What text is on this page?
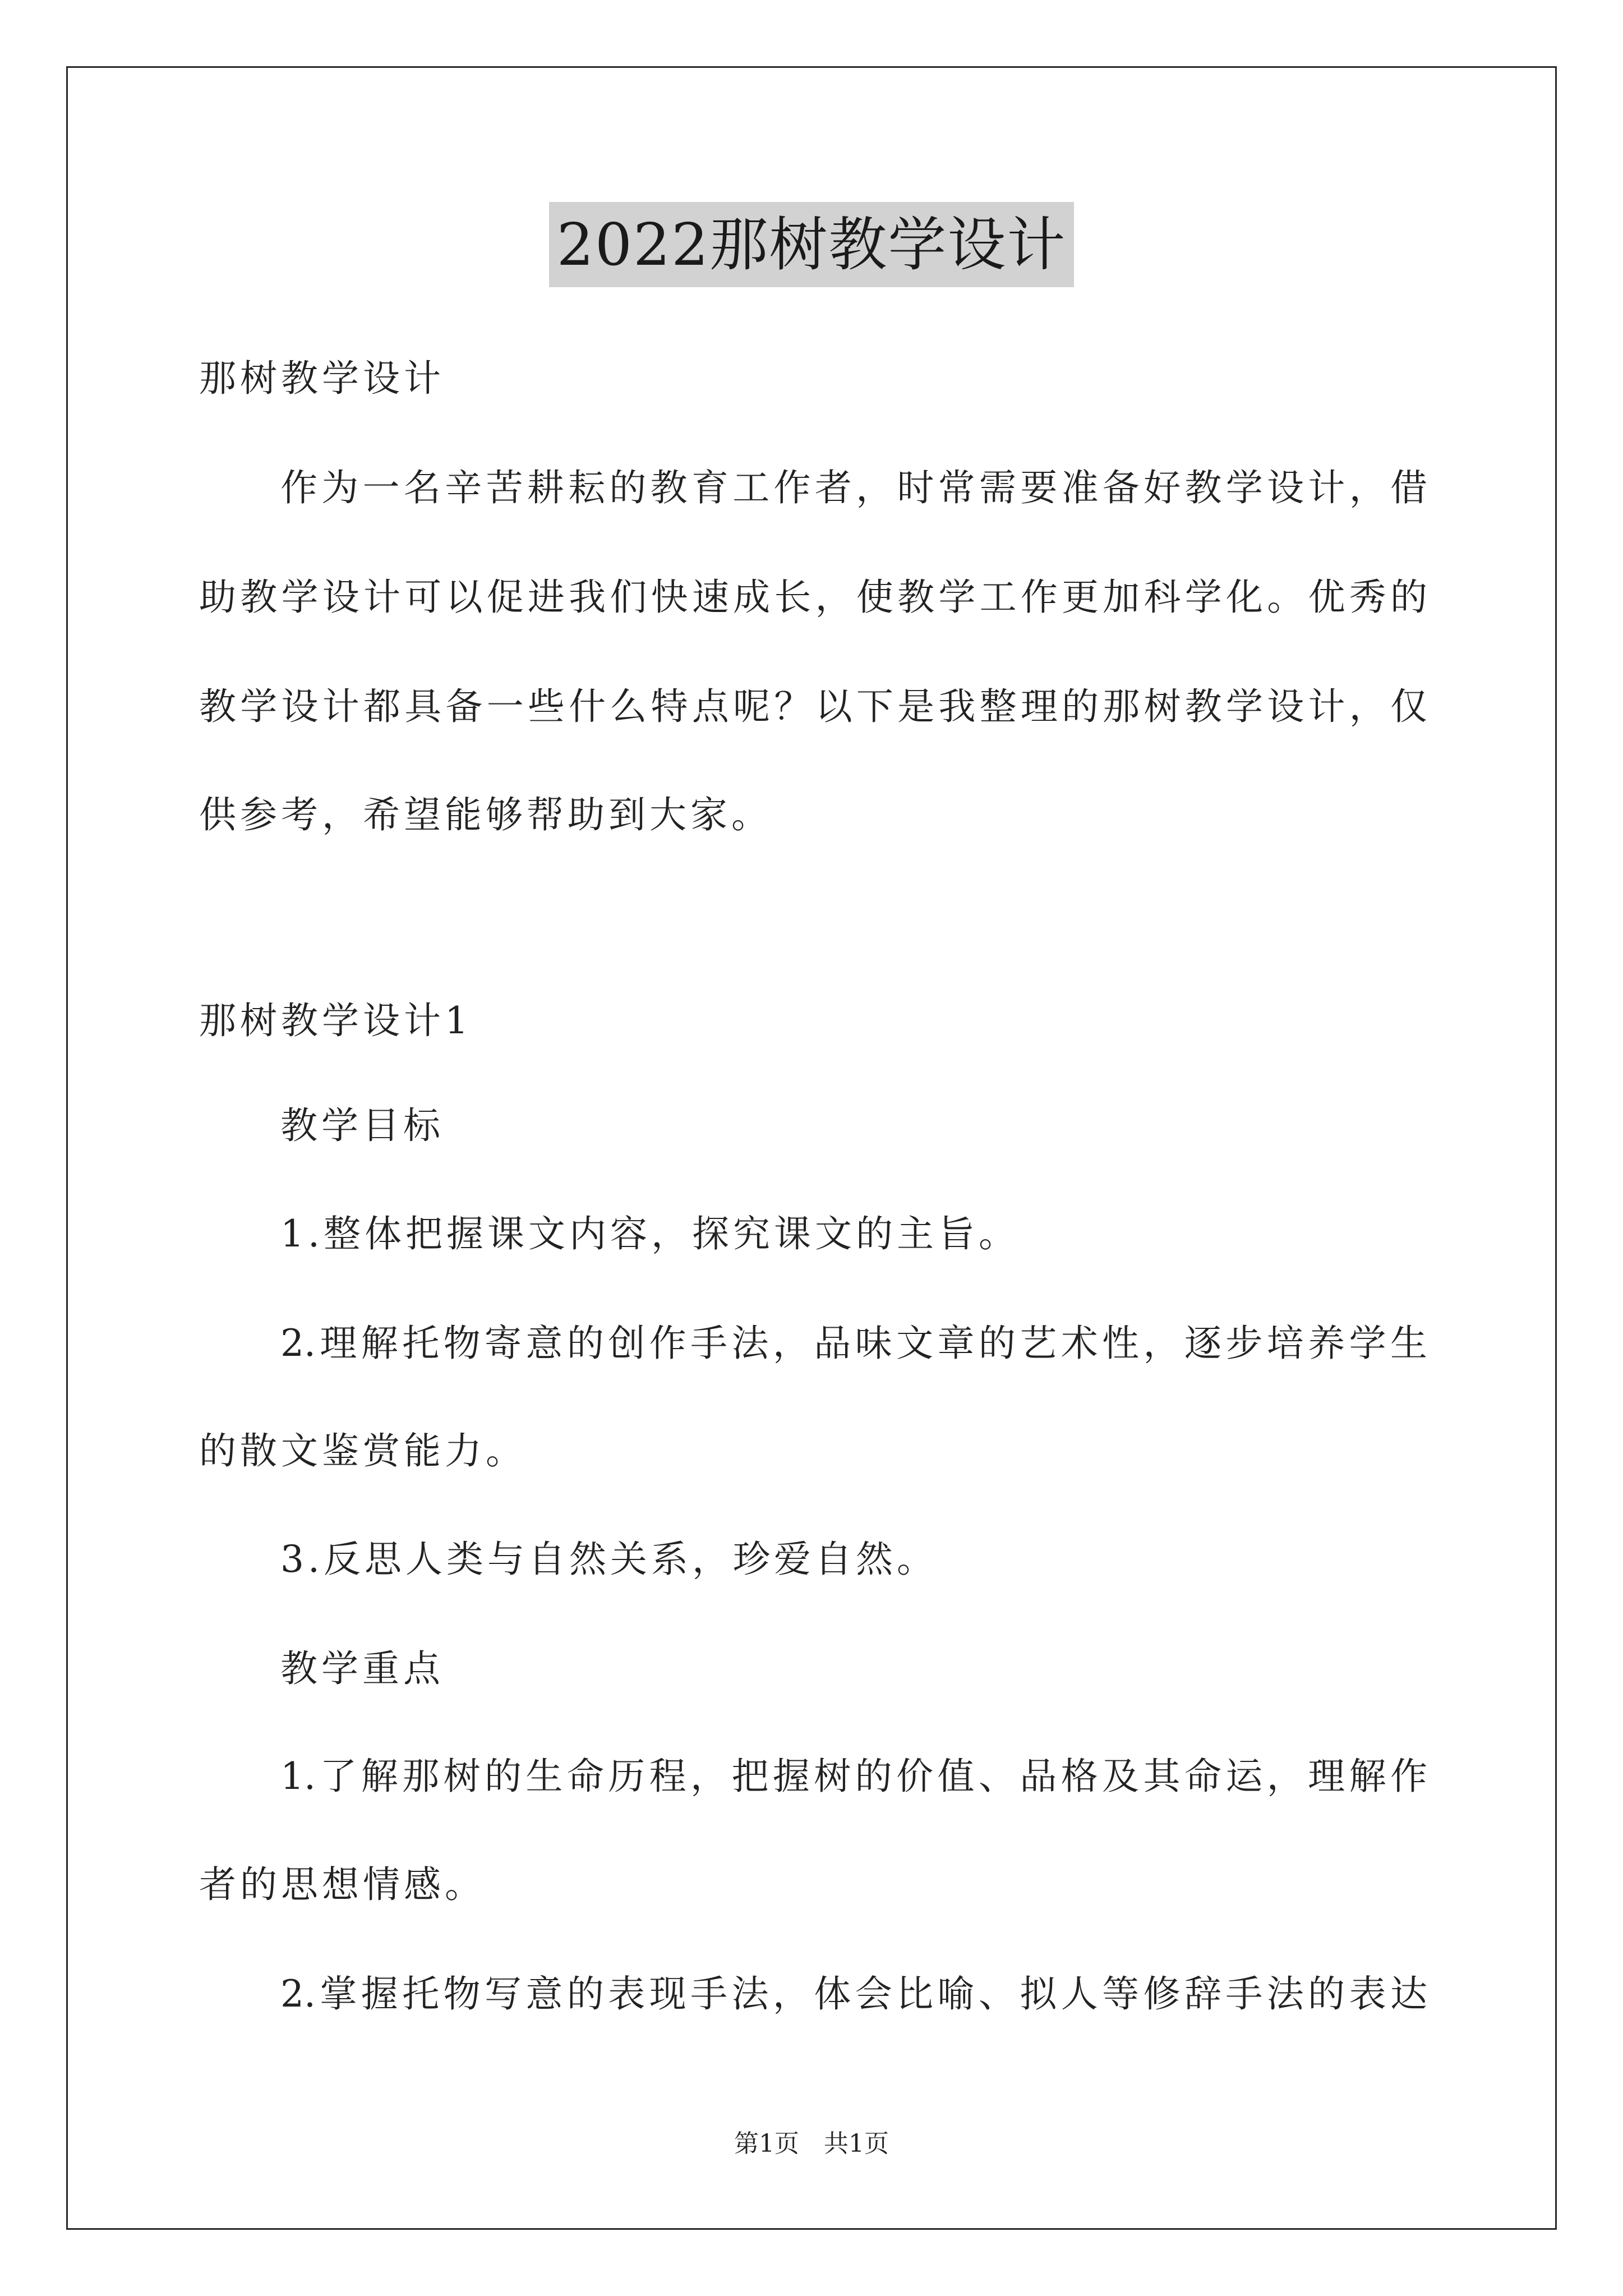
2022那树教学设计
那树教学设计
作为一名辛苦耕耘的教育工作者，时常需要准备好教学设计，借
助教学设计可以促进我们快速成长，使教学工作更加科学化。优秀的
教学设计都具备一些什么特点呢？以下是我整理的那树教学设计，仅
供参考，希望能够帮助到大家。
那树教学设计1
教学目标
1.整体把握课文内容，探究课文的主旨。
2.理解托物寄意的创作手法，品味文章的艺术性，逐步培养学生
的散文鉴赏能力。
3.反思人类与自然关系，珍爱自然。
教学重点
1.了解那树的生命历程，把握树的价值、品格及其命运，理解作
者的思想情感。
2.掌握托物写意的表现手法，体会比喻、拟人等修辞手法的表达
第1页　共1页
